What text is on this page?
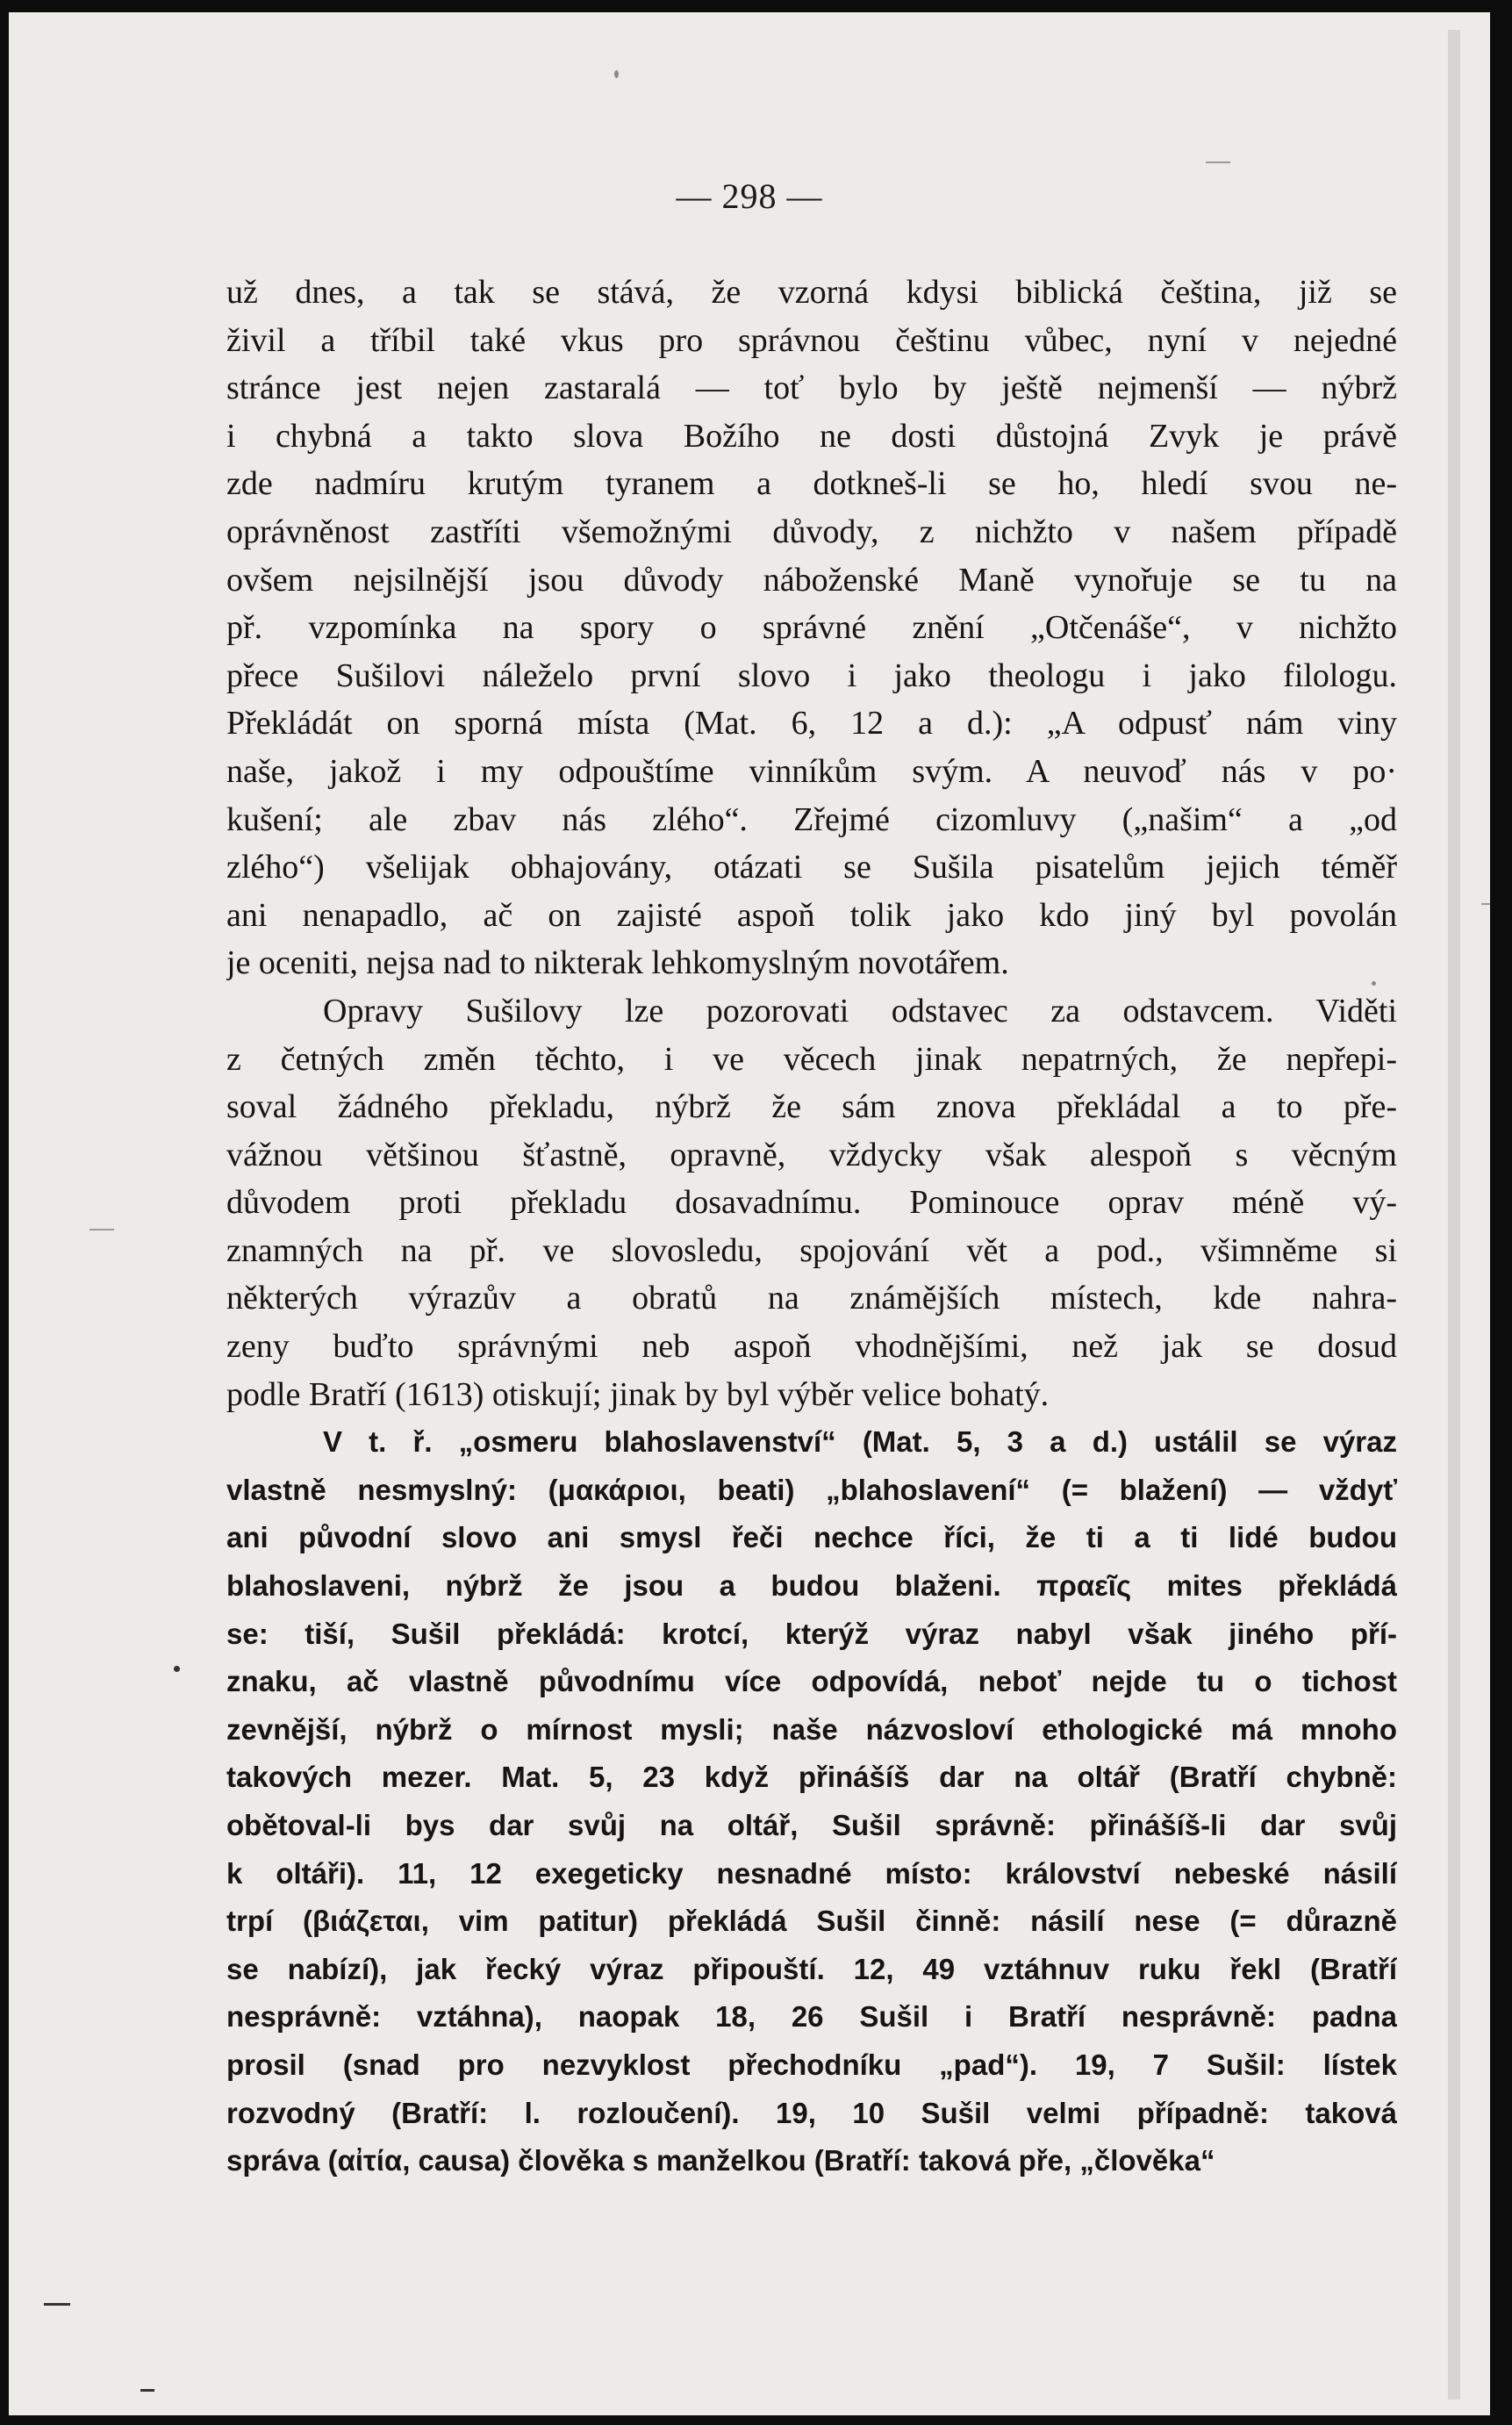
— 298 —
už dnes, a tak se stává, že vzorná kdysi biblická čeština, již se
živil a tříbil také vkus pro správnou češtinu vůbec, nyní v nejedné
stránce jest nejen zastaralá — toť bylo by ještě nejmenší — nýbrž
i chybná a takto slova Božího ne dosti důstojná Zvyk je právě
zde nadmíru krutým tyranem a dotkneš-li se ho, hledí svou ne-
oprávněnost zastříti všemožnými důvody, z nichžto v našem případě
ovšem nejsilnější jsou důvody náboženské Maně vynořuje se tu na
př. vzpomínka na spory o správné znění „Otčenáše“, v nichžto
přece Sušilovi náleželo první slovo i jako theologu i jako filologu.
Překládát on sporná místa (Mat. 6, 12 a d.): „A odpusť nám viny
naše, jakož i my odpouštíme vinníkům svým. A neuvoď nás v po·
kušení; ale zbav nás zlého“. Zřejmé cizomluvy („našim“ a „od
zlého“) všelijak obhajovány, otázati se Sušila pisatelům jejich téměř
ani nenapadlo, ač on zajisté aspoň tolik jako kdo jiný byl povolán
je oceniti, nejsa nad to nikterak lehkomyslným novotářem.
Opravy Sušilovy lze pozorovati odstavec za odstavcem. Viděti
z četných změn těchto, i ve věcech jinak nepatrných, že nepřepi-
soval žádného překladu, nýbrž že sám znova překládal a to pře-
vážnou většinou šťastně, opravně, vždycky však alespoň s věcným
důvodem proti překladu dosavadnímu. Pominouce oprav méně vý-
znamných na př. ve slovosledu, spojování vět a pod., všimněme si
některých výrazův a obratů na známějších místech, kde nahra-
zeny buďto správnými neb aspoň vhodnějšími, než jak se dosud
podle Bratří (1613) otiskují; jinak by byl výběr velice bohatý.
V t. ř. „osmeru blahoslavenství“ (Mat. 5, 3 a d.) ustálil se výraz
vlastně nesmyslný: (μακάριοι, beati) „blahoslavení“ (= blažení) — vždyť
ani původní slovo ani smysl řeči nechce říci, že ti a ti lidé budou
blahoslaveni, nýbrž že jsou a budou blaženi. πραεῖς mites překládá
se: tiší, Sušil překládá: krotcí, kterýž výraz nabyl však jiného pří-
znaku, ač vlastně původnímu více odpovídá, neboť nejde tu o tichost
zevnější, nýbrž o mírnost mysli; naše názvosloví ethologické má mnoho
takových mezer. Mat. 5, 23 když přinášíš dar na oltář (Bratří chybně:
obětoval-li bys dar svůj na oltář, Sušil správně: přinášíš-li dar svůj
k oltáři). 11, 12 exegeticky nesnadné místo: království nebeské násilí
trpí (βιάζεται, vim patitur) překládá Sušil činně: násilí nese (= důrazně
se nabízí), jak řecký výraz připouští. 12, 49 vztáhnuv ruku řekl (Bratří
nesprávně: vztáhna), naopak 18, 26 Sušil i Bratří nesprávně: padna
prosil (snad pro nezvyklost přechodníku „pad“). 19, 7 Sušil: lístek
rozvodný (Bratří: l. rozloučení). 19, 10 Sušil velmi případně: taková
správa (αἰτία, causa) člověka s manželkou (Bratří: taková pře, „člověka“
